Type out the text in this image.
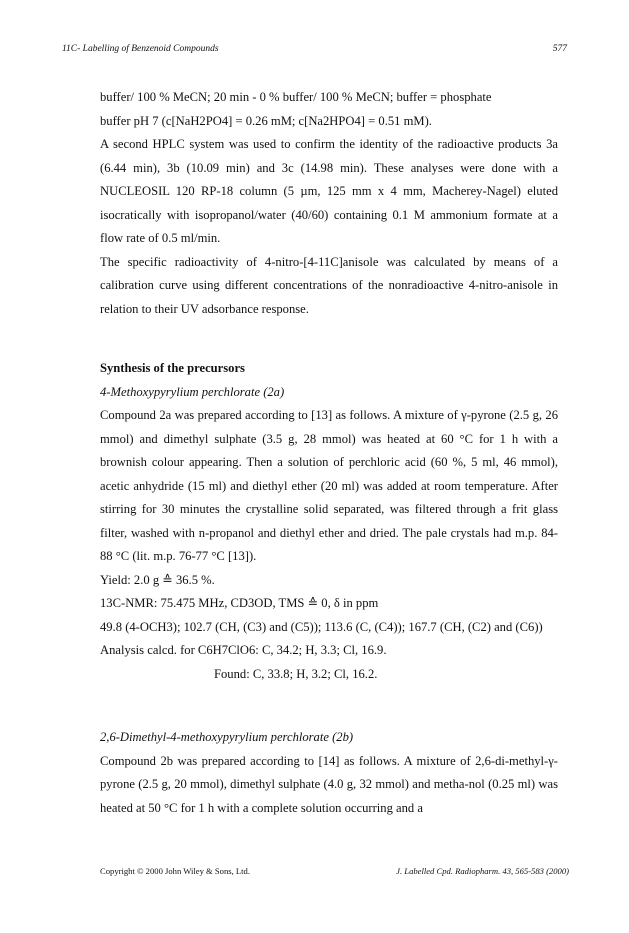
11C- Labelling of Benzenoid Compounds	577

buffer/ 100 % MeCN; 20 min - 0 % buffer/ 100 % MeCN; buffer = phosphate

buffer pH 7 (c[NaH2PO4] = 0.26 mM; c[Na2HPO4] = 0.51 mM).

A second HPLC system was used to confirm the identity of the radioactive products 3a (6.44 min), 3b (10.09 min) and 3c (14.98 min). These analyses were done with a NUCLEOSIL 120 RP-18 column (5 µm, 125 mm x 4 mm, Macherey-Nagel) eluted isocratically with isopropanol/water (40/60) containing 0.1 M ammonium formate at a flow rate of 0.5 ml/min.

The specific radioactivity of 4-nitro-[4-11C]anisole was calculated by means of a calibration curve using different concentrations of the nonradioactive 4-nitro-anisole in relation to their UV adsorbance response.

Synthesis of the precursors

4-Methoxypyrylium perchlorate (2a)

Compound 2a was prepared according to [13] as follows. A mixture of γ-pyrone (2.5 g, 26 mmol) and dimethyl sulphate (3.5 g, 28 mmol) was heated at 60 °C for 1 h with a brownish colour appearing. Then a solution of perchloric acid (60 %, 5 ml, 46 mmol), acetic anhydride (15 ml) and diethyl ether (20 ml) was added at room temperature. After stirring for 30 minutes the crystalline solid separated, was filtered through a frit glass filter, washed with n-propanol and diethyl ether and dried. The pale crystals had m.p. 84-88 °C (lit. m.p. 76-77 °C [13]).

Yield: 2.0 g ≙ 36.5 %.

13C-NMR: 75.475 MHz, CD3OD, TMS ≙ 0, δ in ppm

49.8 (4-OCH3); 102.7 (CH, (C3) and (C5)); 113.6 (C, (C4)); 167.7 (CH, (C2) and (C6))

Analysis calcd. for C6H7ClO6: C, 34.2; H, 3.3; Cl, 16.9.

Found: C, 33.8; H, 3.2; Cl, 16.2.

2,6-Dimethyl-4-methoxypyrylium perchlorate (2b)

Compound 2b was prepared according to [14] as follows. A mixture of 2,6-di-methyl-γ-pyrone (2.5 g, 20 mmol), dimethyl sulphate (4.0 g, 32 mmol) and metha-nol (0.25 ml) was heated at 50 °C for 1 h with a complete solution occurring and a

Copyright © 2000 John Wiley & Sons, Ltd.	J. Labelled Cpd. Radiopharm. 43, 565-583 (2000)
